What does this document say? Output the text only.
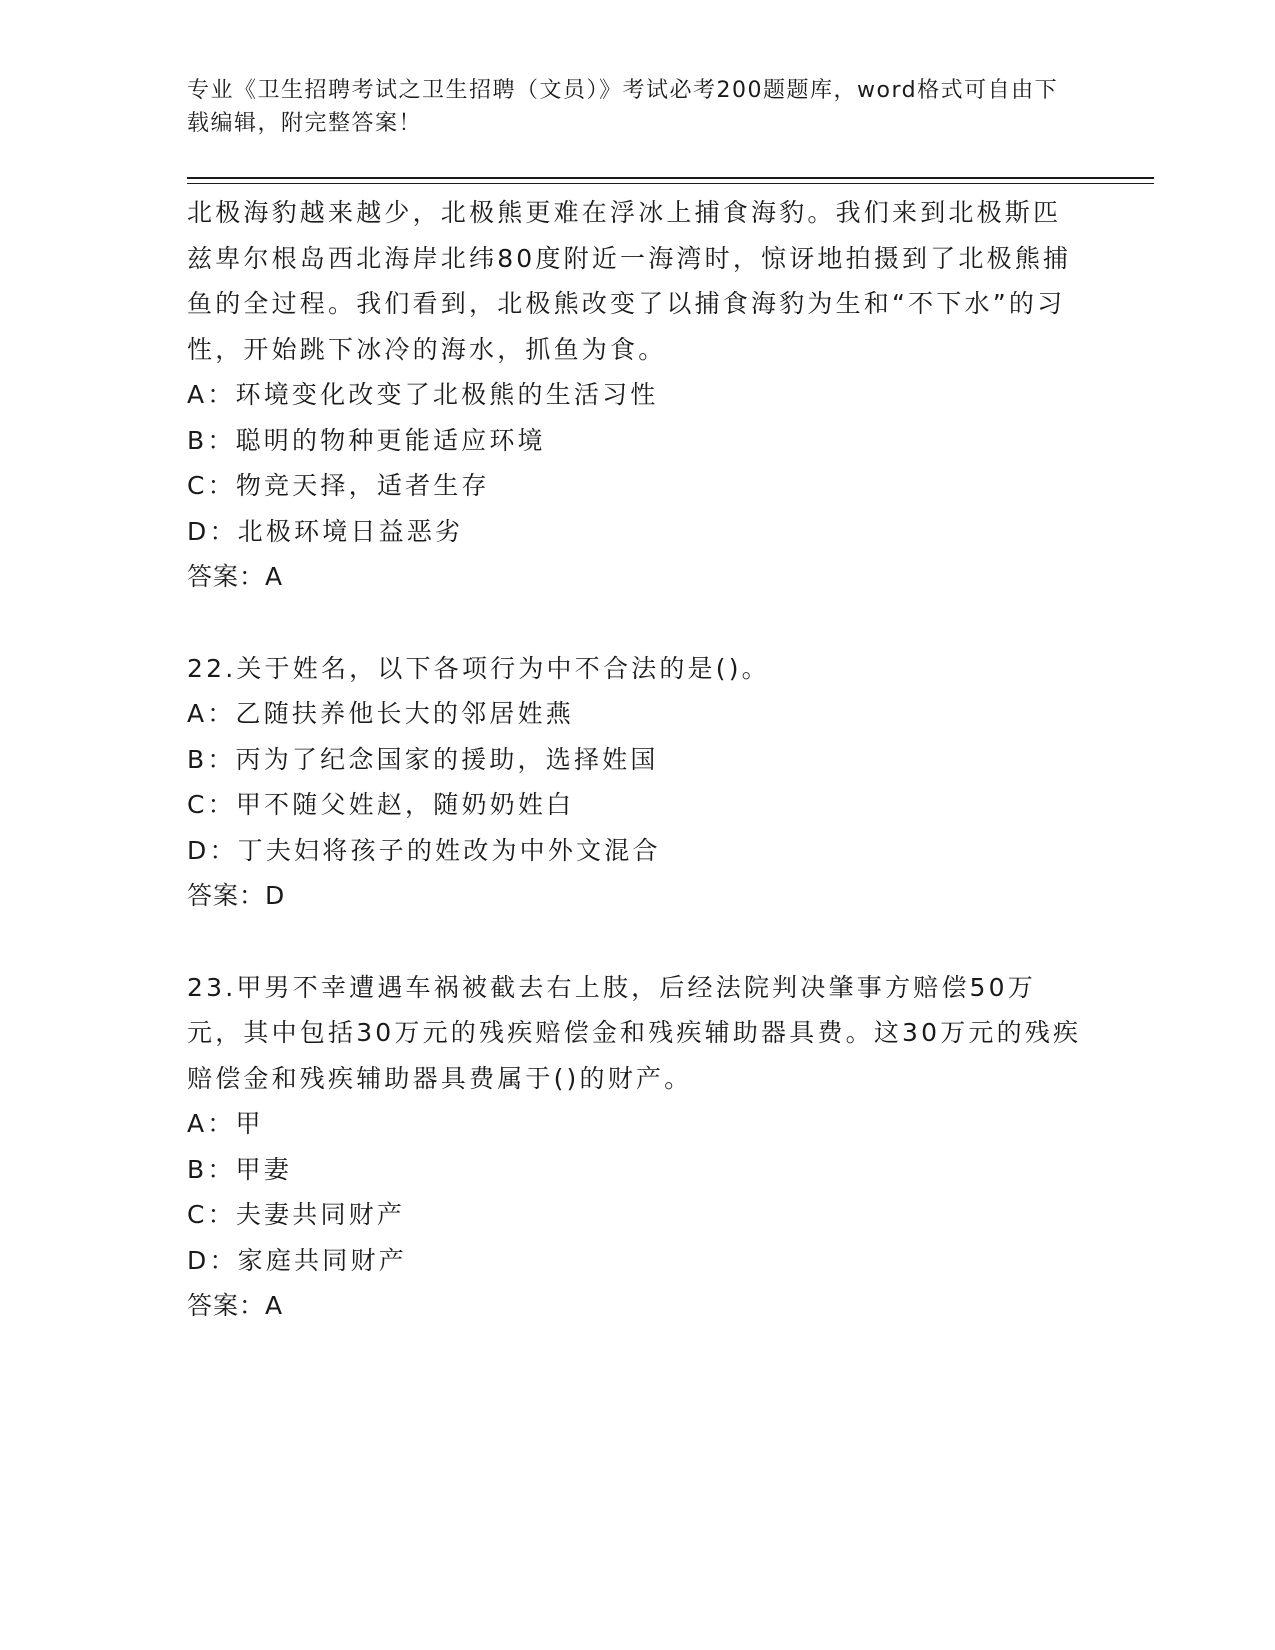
专业《卫生招聘考试之卫生招聘（文员）》考试必考200题题库，word格式可自由下载编辑，附完整答案！

北极海豹越来越少，北极熊更难在浮冰上捕食海豹。我们来到北极斯匹兹卑尔根岛西北海岸北纬80度附近一海湾时，惊讶地拍摄到了北极熊捕鱼的全过程。我们看到，北极熊改变了以捕食海豹为生和“不下水”的习性，开始跳下冰冷的海水，抓鱼为食。

A：环境变化改变了北极熊的生活习性

B：聪明的物种更能适应环境

C：物竞天择，适者生存

D：北极环境日益恶劣

答案：A

22.关于姓名，以下各项行为中不合法的是()。

A：乙随扶养他长大的邻居姓燕

B：丙为了纪念国家的援助，选择姓国

C：甲不随父姓赵，随奶奶姓白

D：丁夫妇将孩子的姓改为中外文混合

答案：D

23.甲男不幸遭遇车祸被截去右上肢，后经法院判决肇事方赔偿50万元，其中包括30万元的残疾赔偿金和残疾辅助器具费。这30万元的残疾赔偿金和残疾辅助器具费属于()的财产。

A：甲

B：甲妻

C：夫妻共同财产

D：家庭共同财产

答案：A
